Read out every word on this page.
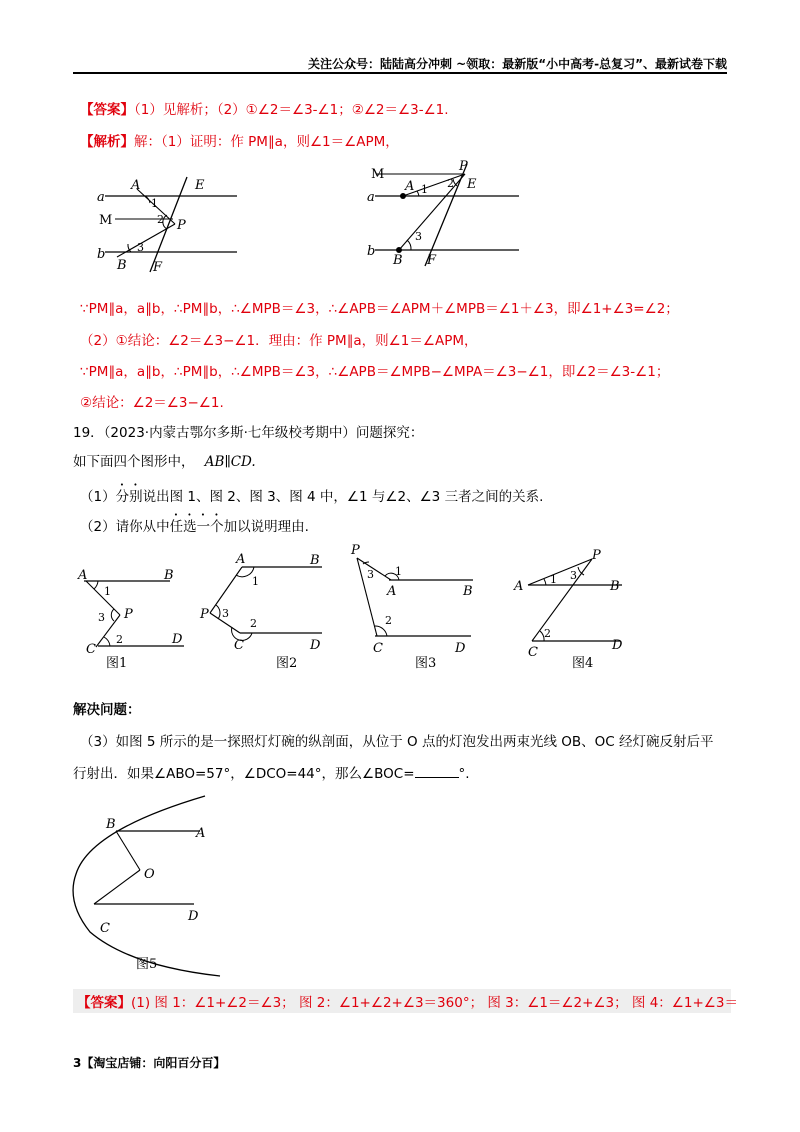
关注公众号：陆陆高分冲刺 ~领取：最新版“小中高考-总复习”、最新试卷下载
【答案】（1）见解析；（2）①∠2＝∠3-∠1；②∠2＝∠3-∠1.
【解析】解：（1）证明：作 PM∥a，则∠1＝∠APM，
a
b
M
A
B
P
E
F
1
2
3
M
a
b
A
B
P
E
F
1 2
3
∵PM∥a，a∥b，∴PM∥b，∴∠MPB＝∠3，∴∠APB＝∠APM＋∠MPB＝∠1＋∠3，即∠1+∠3=∠2；
（2）①结论：∠2＝∠3−∠1．理由：作 PM∥a，则∠1＝∠APM，
∵PM∥a，a∥b，∴PM∥b，∴∠MPB＝∠3，∴∠APB＝∠MPB−∠MPA＝∠3−∠1，即∠2＝∠3-∠1；
②结论：∠2＝∠3−∠1.
19．（2023·内蒙古鄂尔多斯·七年级校考期中）问题探究：
如下面四个图形中， AB∥CD.
（1）分别说出图 1、图 2、图 3、图 4 中，∠1 与∠2、∠3 三者之间的关系.
（2）请你从中任选一个加以说明理由.
A	B
P
C
D
1
2
3
图1
A	B
P
C	D
1
2
3
图2
P
A	B
C	D
1
2
3
图3
A	B
P
C	D
1
2
3
图4
解决问题：
（3）如图 5 所示的是一探照灯灯碗的纵剖面，从位于 O 点的灯泡发出两束光线 OB、OC 经灯碗反射后平
行射出．如果∠ABO=57°，∠DCO=44°，那么∠BOC=	°.
B
A
O
C
D
图5
【答案】(1) 图 1：∠1+∠2＝∠3； 图 2：∠1+∠2+∠3＝360°； 图 3：∠1＝∠2+∠3； 图 4：∠1+∠3＝
3【淘宝店铺：向阳百分百】
